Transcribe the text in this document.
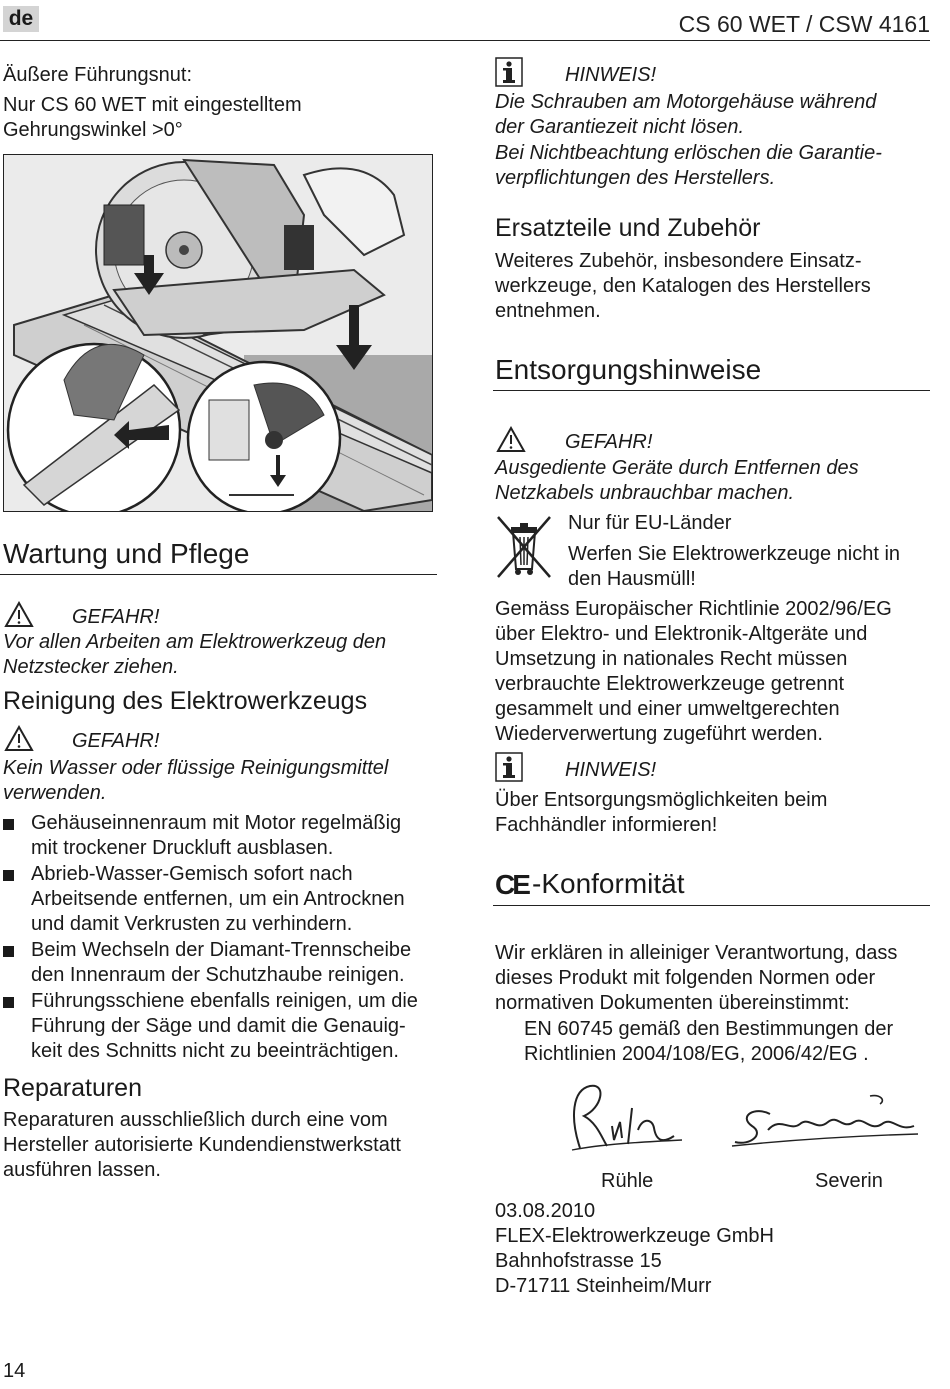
de	CS 60 WET / CSW 4161
Äußere Führungsnut:
Nur CS 60 WET mit eingestelltem
Gehrungswinkel >0°
Wartung und Pflege
GEFAHR!
Vor allen Arbeiten am Elektrowerkzeug den
Netzstecker ziehen.
Reinigung des Elektrowerkzeugs
GEFAHR!
Kein Wasser oder flüssige Reinigungsmittel
verwenden.
Gehäuseinnenraum mit Motor regelmäßig
mit trockener Druckluft ausblasen.
Abrieb-Wasser-Gemisch sofort nach
Arbeitsende entfernen, um ein Antrocknen
und damit Verkrusten zu verhindern.
Beim Wechseln der Diamant-Trennscheibe
den Innenraum der Schutzhaube reinigen.
Führungsschiene ebenfalls reinigen, um die
Führung der Säge und damit die Genauig-
keit des Schnitts nicht zu beeinträchtigen.
Reparaturen
Reparaturen ausschließlich durch eine vom
Hersteller autorisierte Kundendienstwerkstatt
ausführen lassen.
HINWEIS!
Die Schrauben am Motorgehäuse während
der Garantiezeit nicht lösen.
Bei Nichtbeachtung erlöschen die Garantie-
verpflichtungen des Herstellers.
Ersatzteile und Zubehör
Weiteres Zubehör, insbesondere Einsatz-
werkzeuge, den Katalogen des Herstellers
entnehmen.
Entsorgungshinweise
GEFAHR!
Ausgediente Geräte durch Entfernen des
Netzkabels unbrauchbar machen.
Nur für EU-Länder
Werfen Sie Elektrowerkzeuge nicht in
den Hausmüll!
Gemäss Europäischer Richtlinie 2002/96/EG
über Elektro- und Elektronik-Altgeräte und
Umsetzung in nationales Recht müssen
verbrauchte Elektrowerkzeuge getrennt
gesammelt und einer umweltgerechten
Wiederverwertung zugeführt werden.
HINWEIS!
Über Entsorgungsmöglichkeiten beim
Fachhändler informieren!
CE -Konformität
Wir erklären in alleiniger Verantwortung, dass
dieses Produkt mit folgenden Normen oder
normativen Dokumenten übereinstimmt:
EN 60745 gemäß den Bestimmungen der
Richtlinien 2004/108/EG, 2006/42/EG .
Rühle	Severin
03.08.2010
FLEX-Elektrowerkzeuge GmbH
Bahnhofstrasse 15
D-71711 Steinheim/Murr
14
